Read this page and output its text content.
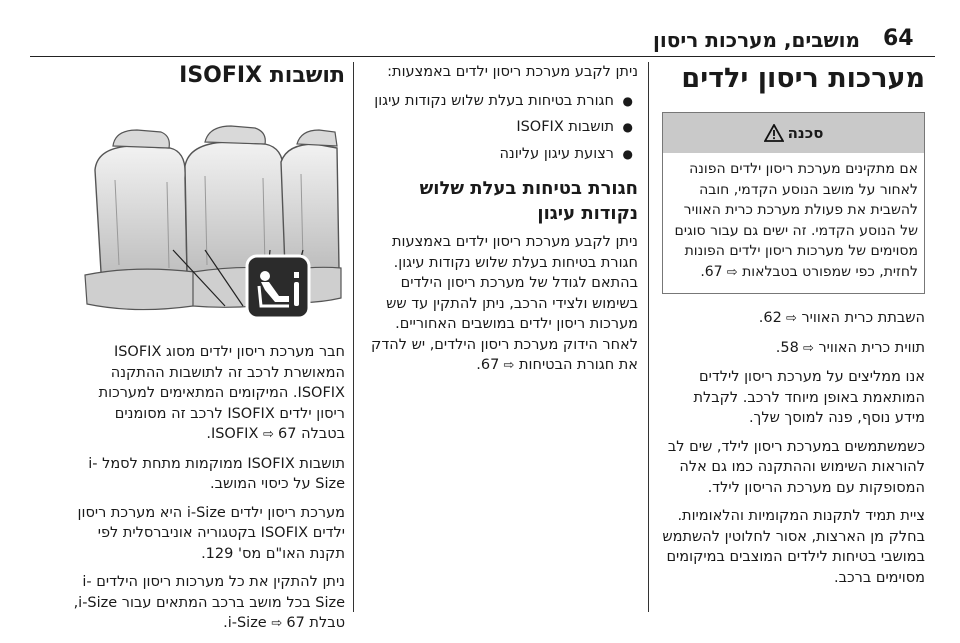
64
מושבים, מערכות ריסון
מערכות ריסון ילדים
סכנה
אם מתקינים מערכת ריסון ילדים הפונה לאחור על מושב הנוסע הקדמי, חובה להשבית את פעולת מערכת כרית האוויר של הנוסע הקדמי. זה ישים גם עבור סוגים מסוימים של מערכות ריסון ילדים הפונות לחזית, כפי שמפורט בטבלאות ⇨ 67.

השבתת כרית האוויר ⇨ 62.

תווית כרית האוויר ⇨ 58.

אנו ממליצים על מערכת ריסון לילדים המותאמת באופן מיוחד לרכב. לקבלת מידע נוסף, פנה למוסך שלך.

כשמשתמשים במערכת ריסון לילד, שים לב להוראות השימוש וההתקנה כמו גם אלה המסופקות עם מערכת הריסון לילד.

ציית תמיד לתקנות המקומיות והלאומיות. בחלק מן הארצות, אסור לחלוטין להשתמש במושבי בטיחות לילדים המוצבים במיקומים מסוימים ברכב.

ניתן לקבע מערכת ריסון ילדים באמצעות:

● חגורת בטיחות בעלת שלוש נקודות עיגון
● תושבות ISOFIX
● רצועת עיגון עליונה
חגורת בטיחות בעלת שלוש נקודות עיגון

ניתן לקבע מערכת ריסון ילדים באמצעות חגורת בטיחות בעלת שלוש נקודות עיגון. בהתאם לגודל של מערכת ריסון הילדים בשימוש ולצידי הרכב, ניתן להתקין עד שש מערכות ריסון ילדים במושבים האחוריים. לאחר הידוק מערכת ריסון הילדים, יש להדק את חגורת הבטיחות ⇨ 67.

תושבות ISOFIX

חבר מערכת ריסון ילדים מסוג ISOFIX המאושרת לרכב זה לתושבות ההתקנה ISOFIX. המיקומים המתאימים למערכות ריסון ילדים ISOFIX לרכב זה מסומנים בטבלה ISOFIX ⇨ 67.

תושבות ISOFIX ממוקמות מתחת לסמל i-Size על כיסוי המושב.

מערכת ריסון ילדים i-Size היא מערכת ריסון ילדים ISOFIX בקטגוריה אוניברסלית לפי תקנת האו"ם מס' 129.

ניתן להתקין את כל מערכות ריסון הילדים i-Size בכל מושב ברכב המתאים עבור i-Size, טבלת i-Size ⇨ 67.
